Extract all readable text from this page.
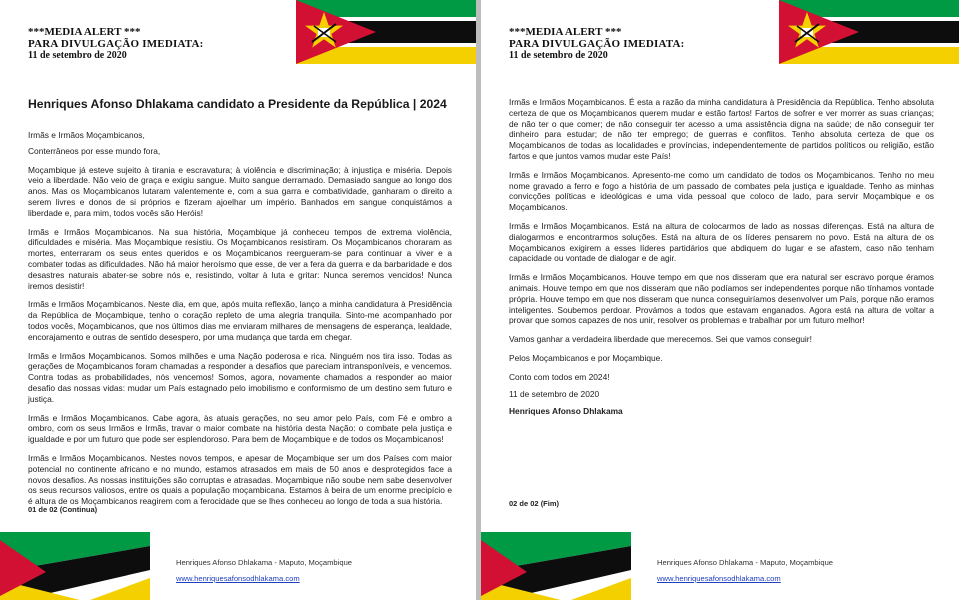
***MEDIA ALERT ***
PARA DIVULGAÇÃO IMEDIATA:
11 de setembro de 2020
Henriques Afonso Dhlakama candidato a Presidente da República | 2024

Irmãs e Irmãos Moçambicanos,

Conterrâneos por esse mundo fora,

Moçambique já esteve sujeito à tirania e escravatura; à violência e discriminação; à injustiça e miséria. Depois veio a liberdade. Não veio de graça e exigiu sangue. Muito sangue derramado. Demasiado sangue ao longo dos anos. Mas os Moçambicanos lutaram valentemente e, com a sua garra e combatividade, ganharam o direito a serem livres e donos de si próprios e fizeram ajoelhar um império. Banhados em sangue conquistámos a liberdade e, para mim, todos vocês são Heróis!

Irmãs e Irmãos Moçambicanos. Na sua história, Moçambique já conheceu tempos de extrema violência, dificuldades e miséria. Mas Moçambique resistiu. Os Moçambicanos resistiram. Os Moçambicanos choraram as mortes, enterraram os seus entes queridos e os Moçambicanos reergueram-se para continuar a viver e a combater todas as dificuldades. Não há maior heroísmo que esse, de ver a fera da guerra e da barbaridade e dos desastres naturais abater-se sobre nós e, resistindo, voltar à luta e gritar: Nunca seremos vencidos! Nunca iremos desistir!

Irmãs e Irmãos Moçambicanos. Neste dia, em que, após muita reflexão, lanço a minha candidatura à Presidência da República de Moçambique, tenho o coração repleto de uma alegria tranquila. Sinto-me acompanhado por todos vocês, Moçambicanos, que nos últimos dias me enviaram milhares de mensagens de esperança, lealdade, encorajamento e outras de sentido desespero, por uma mudança que tarda em chegar.

Irmãs e Irmãos Moçambicanos. Somos milhões e uma Nação poderosa e rica. Ninguém nos tira isso. Todas as gerações de Moçambicanos foram chamadas a responder a desafios que pareciam intransponíveis, e vencemos. Contra todas as probabilidades, nós vencemos! Somos, agora, novamente chamados a responder ao maior desafio das nossas vidas: mudar um País estagnado pelo imobilismo e conformismo de um destino sem futuro e justiça.

Irmãs e Irmãos Moçambicanos. Cabe agora, às atuais gerações, no seu amor pelo País, com Fé e ombro a ombro, com os seus Irmãos e Irmãs, travar o maior combate na história desta Nação: o combate pela justiça e igualdade e por um futuro que pode ser esplendoroso. Para bem de Moçambique e de todos os Moçambicanos!

Irmãs e Irmãos Moçambicanos. Nestes novos tempos, e apesar de Moçambique ser um dos Países com maior potencial no continente africano e no mundo, estamos atrasados em mais de 50 anos e desprotegidos face a novos desafios. As nossas instituições são corruptas e atrasadas. Moçambique não soube nem sabe desenvolver os seus recursos valiosos, entre os quais a população moçambicana. Estamos à beira de um enorme precipício e é altura de os Moçambicanos reagirem com a ferocidade que se lhes conheceu ao longo de toda a sua história.

01 de 02 (Continua)
Henriques Afonso Dhlakama - Maputo, Moçambique
www.henriquesafonsodhlakama.com
***MEDIA ALERT ***
PARA DIVULGAÇÃO IMEDIATA:
11 de setembro de 2020

Irmãs e Irmãos Moçambicanos. É esta a razão da minha candidatura à Presidência da República. Tenho absoluta certeza de que os Moçambicanos querem mudar e estão fartos! Fartos de sofrer e ver morrer as suas crianças; de não ter o que comer; de não conseguir ter acesso a uma assistência digna na saúde; de não conseguir ter dinheiro para estudar; de não ter emprego; de guerras e conflitos. Tenho absoluta certeza de que os Moçambicanos de todas as localidades e províncias, independentemente de partidos políticos ou religião, estão fartos e que juntos vamos mudar este País!

Irmãs e Irmãos Moçambicanos. Apresento-me como um candidato de todos os Moçambicanos. Tenho no meu nome gravado a ferro e fogo a história de um passado de combates pela justiça e igualdade. Tenho as minhas convicções políticas e ideológicas e uma vida pessoal que coloco de lado, para servir Moçambique e os Moçambicanos.

Irmãs e Irmãos Moçambicanos. Está na altura de colocarmos de lado as nossas diferenças. Está na altura de dialogarmos e encontrarmos soluções. Está na altura de os líderes pensarem no povo. Está na altura de os Moçambicanos exigirem a esses líderes partidários que abdiquem do lugar e se afastem, caso não tenham capacidade ou vontade de dialogar e de agir.

Irmãs e Irmãos Moçambicanos. Houve tempo em que nos disseram que era natural ser escravo porque éramos animais. Houve tempo em que nos disseram que não podíamos ser independentes porque não tínhamos vontade própria. Houve tempo em que nos disseram que nunca conseguiríamos desenvolver um País, porque não eramos inteligentes. Soubemos perdoar. Provámos a todos que estavam enganados. Agora está na altura de voltar a provar que somos capazes de nos unir, resolver os problemas e trabalhar por um futuro melhor!

Vamos ganhar a verdadeira liberdade que merecemos. Sei que vamos conseguir!

Pelos Moçambicanos e por Moçambique.

Conto com todos em 2024!

11 de setembro de 2020
Henriques Afonso Dhlakama
02 de 02 (Fim)
Henriques Afonso Dhlakama - Maputo, Moçambique
www.henriquesafonsodhlakama.com
